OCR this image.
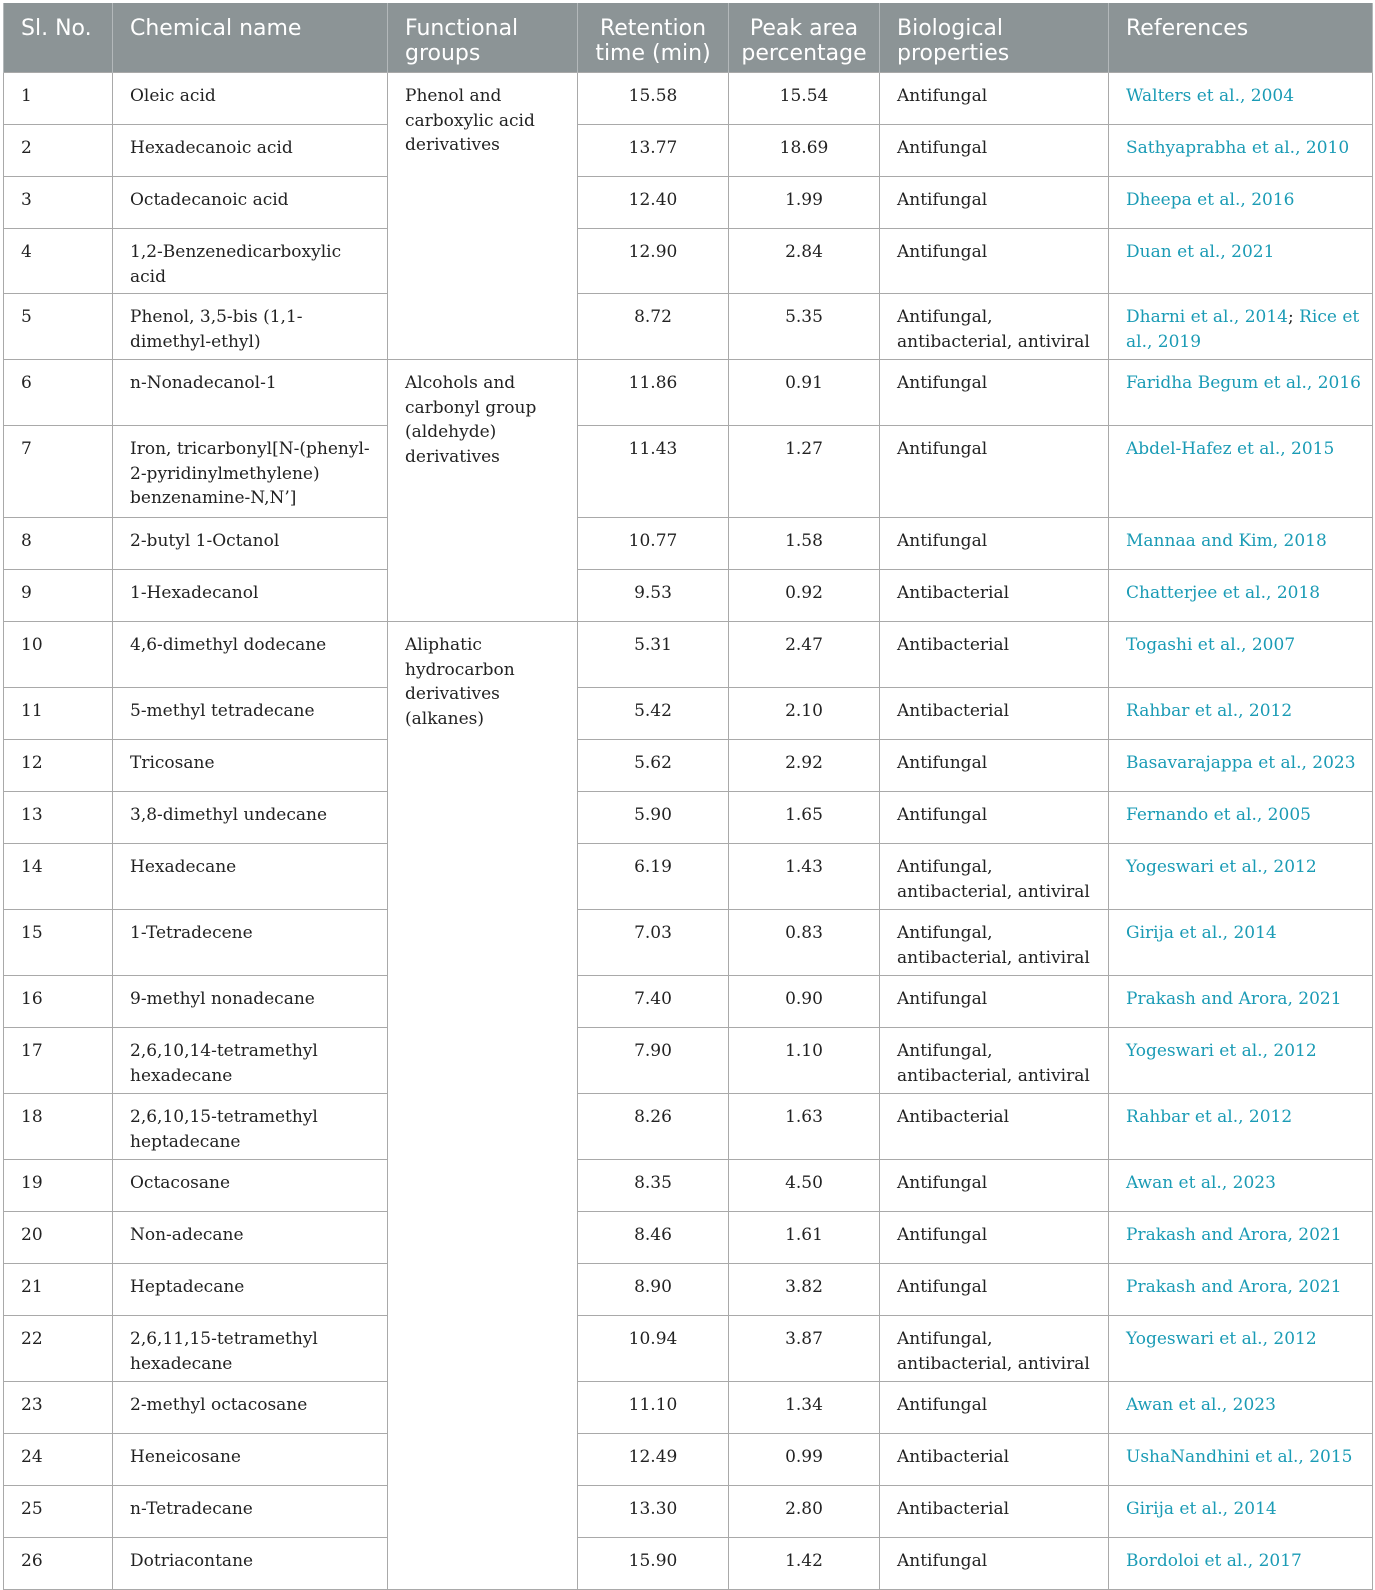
Sl. No.	Chemical name	Functional groups	Retention time (min)	Peak area percentage	Biological properties	References
1	Oleic acid	Phenol and carboxylic acid derivatives	15.58	15.54	Antifungal	Walters et al., 2004
2	Hexadecanoic acid		13.77	18.69	Antifungal	Sathyaprabha et al., 2010
3	Octadecanoic acid		12.40	1.99	Antifungal	Dheepa et al., 2016
4	1,2-Benzenedicarboxylic acid		12.90	2.84	Antifungal	Duan et al., 2021
5	Phenol, 3,5-bis (1,1-dimethyl-ethyl)		8.72	5.35	Antifungal, antibacterial, antiviral	Dharni et al., 2014; Rice et al., 2019
6	n-Nonadecanol-1	Alcohols and carbonyl group (aldehyde) derivatives	11.86	0.91	Antifungal	Faridha Begum et al., 2016
7	Iron, tricarbonyl[N-(phenyl-2-pyridinylmethylene) benzenamine-N,N’]		11.43	1.27	Antifungal	Abdel-Hafez et al., 2015
8	2-butyl 1-Octanol		10.77	1.58	Antifungal	Mannaa and Kim, 2018
9	1-Hexadecanol		9.53	0.92	Antibacterial	Chatterjee et al., 2018
10	4,6-dimethyl dodecane	Aliphatic hydrocarbon derivatives (alkanes)	5.31	2.47	Antibacterial	Togashi et al., 2007
11	5-methyl tetradecane		5.42	2.10	Antibacterial	Rahbar et al., 2012
12	Tricosane		5.62	2.92	Antifungal	Basavarajappa et al., 2023
13	3,8-dimethyl undecane		5.90	1.65	Antifungal	Fernando et al., 2005
14	Hexadecane		6.19	1.43	Antifungal, antibacterial, antiviral	Yogeswari et al., 2012
15	1-Tetradecene		7.03	0.83	Antifungal, antibacterial, antiviral	Girija et al., 2014
16	9-methyl nonadecane		7.40	0.90	Antifungal	Prakash and Arora, 2021
17	2,6,10,14-tetramethyl hexadecane		7.90	1.10	Antifungal, antibacterial, antiviral	Yogeswari et al., 2012
18	2,6,10,15-tetramethyl heptadecane		8.26	1.63	Antibacterial	Rahbar et al., 2012
19	Octacosane		8.35	4.50	Antifungal	Awan et al., 2023
20	Non-adecane		8.46	1.61	Antifungal	Prakash and Arora, 2021
21	Heptadecane		8.90	3.82	Antifungal	Prakash and Arora, 2021
22	2,6,11,15-tetramethyl hexadecane		10.94	3.87	Antifungal, antibacterial, antiviral	Yogeswari et al., 2012
23	2-methyl octacosane		11.10	1.34	Antifungal	Awan et al., 2023
24	Heneicosane		12.49	0.99	Antibacterial	UshaNandhini et al., 2015
25	n-Tetradecane		13.30	2.80	Antibacterial	Girija et al., 2014
26	Dotriacontane		15.90	1.42	Antifungal	Bordoloi et al., 2017
